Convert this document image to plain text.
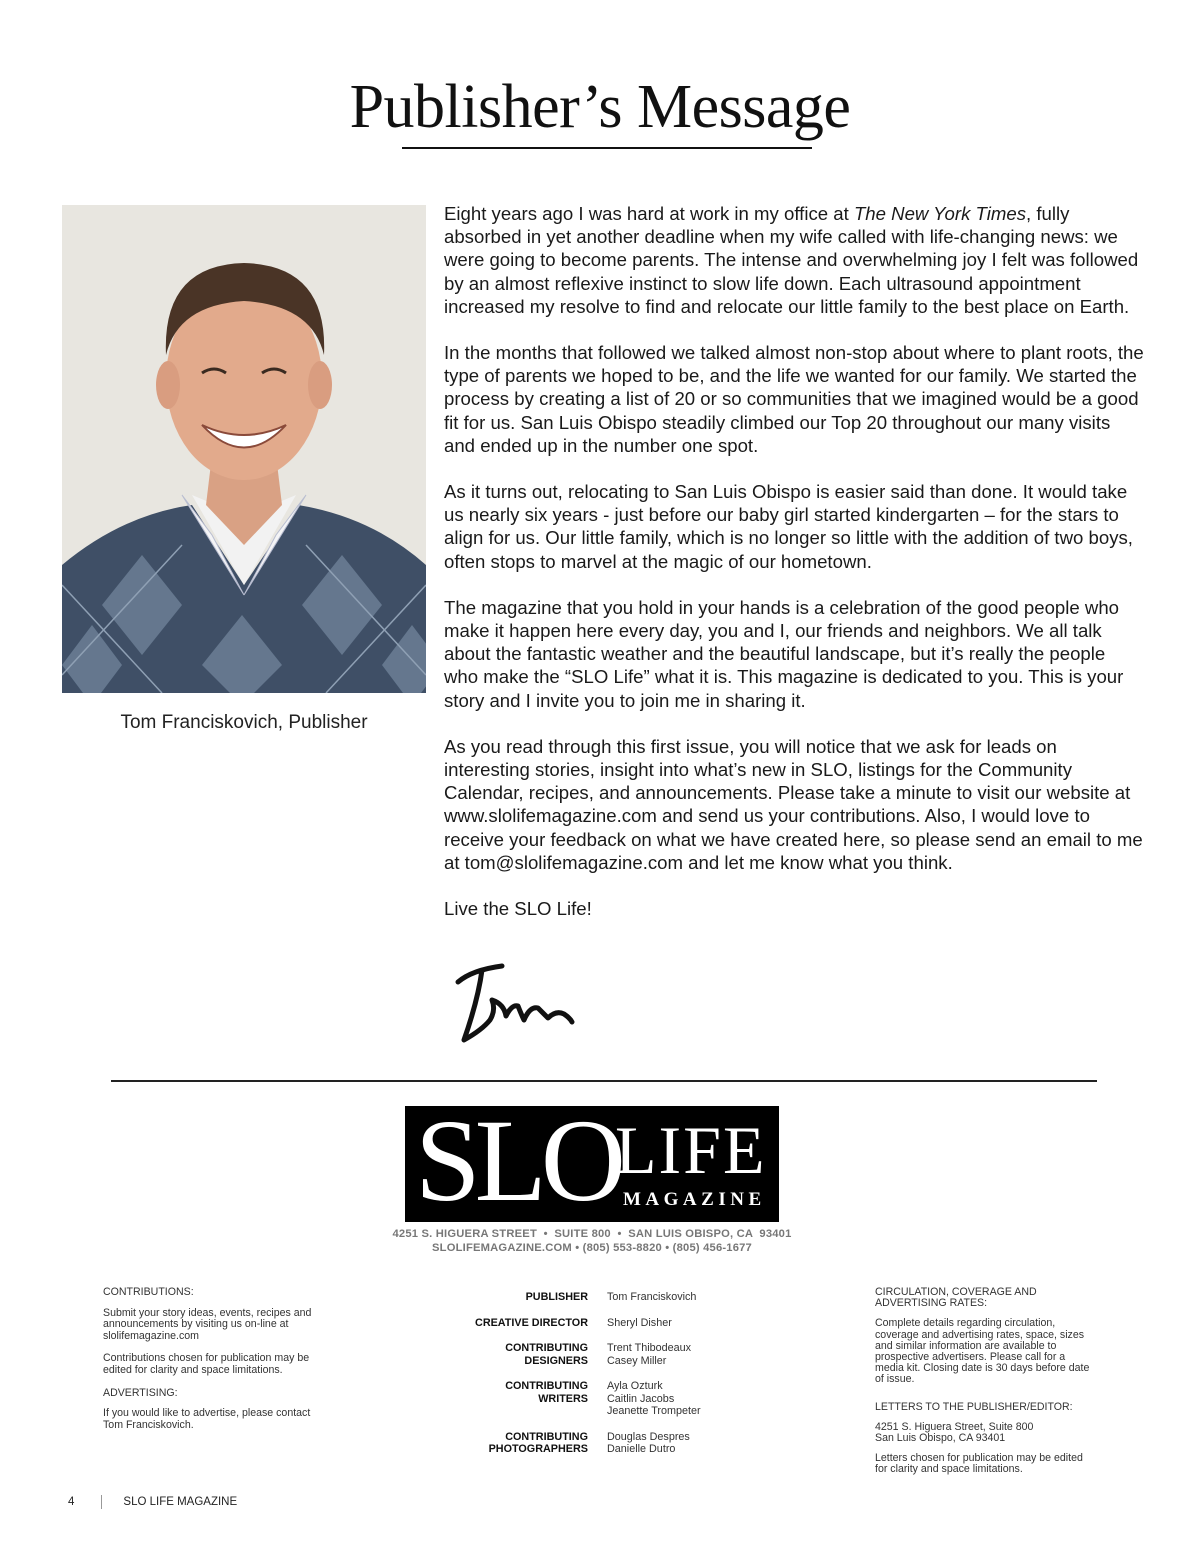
Publisher’s Message
Tom Franciskovich, Publisher

Eight years ago I was hard at work in my office at The New York Times, fully absorbed in yet another deadline when my wife called with life-changing news: we were going to become parents. The intense and overwhelming joy I felt was followed by an almost reflexive instinct to slow life down. Each ultrasound appointment increased my resolve to find and relocate our little family to the best place on Earth.

In the months that followed we talked almost non-stop about where to plant roots, the type of parents we hoped to be, and the life we wanted for our family. We started the process by creating a list of 20 or so communities that we imagined would be a good fit for us. San Luis Obispo steadily climbed our Top 20 throughout our many visits and ended up in the number one spot.

As it turns out, relocating to San Luis Obispo is easier said than done. It would take us nearly six years - just before our baby girl started kindergarten – for the stars to align for us. Our little family, which is no longer so little with the addition of two boys, often stops to marvel at the magic of our hometown.

The magazine that you hold in your hands is a celebration of the good people who make it happen here every day, you and I, our friends and neighbors. We all talk about the fantastic weather and the beautiful landscape, but it’s really the people who make the “SLO Life” what it is. This magazine is dedicated to you. This is your story and I invite you to join me in sharing it.

As you read through this first issue, you will notice that we ask for leads on interesting stories, insight into what’s new in SLO, listings for the Community Calendar, recipes, and announcements. Please take a minute to visit our website at www.slolifemagazine.com and send us your contributions. Also, I would love to receive your feedback on what we have created here, so please send an email to me at tom@slolifemagazine.com and let me know what you think.

Live the SLO Life!

SLO
LIFE
MAGAZINE
4251 S. HIGUERA STREET  •  SUITE 800  •  SAN LUIS OBISPO, CA  93401
SLOLIFEMAGAZINE.COM • (805) 553-8820 • (805) 456-1677

CONTRIBUTIONS:

Submit your story ideas, events, recipes and announcements by visiting us on-line at slolifemagazine.com

Contributions chosen for publication may be edited for clarity and space limitations.

ADVERTISING:

If you would like to advertise, please contact Tom Franciskovich.

PUBLISHER Tom Franciskovich
CREATIVE DIRECTOR Sheryl Disher
CONTRIBUTING
DESIGNERS
Trent Thibodeaux
Casey Miller
CONTRIBUTING
WRITERS
Ayla Ozturk
Caitlin Jacobs
Jeanette Trompeter
CONTRIBUTING
PHOTOGRAPHERS
Douglas Despres
Danielle Dutro

CIRCULATION, COVERAGE AND ADVERTISING RATES:

Complete details regarding circulation, coverage and advertising rates, space, sizes and similar information are available to prospective advertisers. Please call for a media kit. Closing date is 30 days before date of issue.

LETTERS TO THE PUBLISHER/EDITOR:

4251 S. Higuera Street, Suite 800

San Luis Obispo, CA 93401

Letters chosen for publication may be edited for clarity and space limitations.

4	SLO LIFE MAGAZINE
